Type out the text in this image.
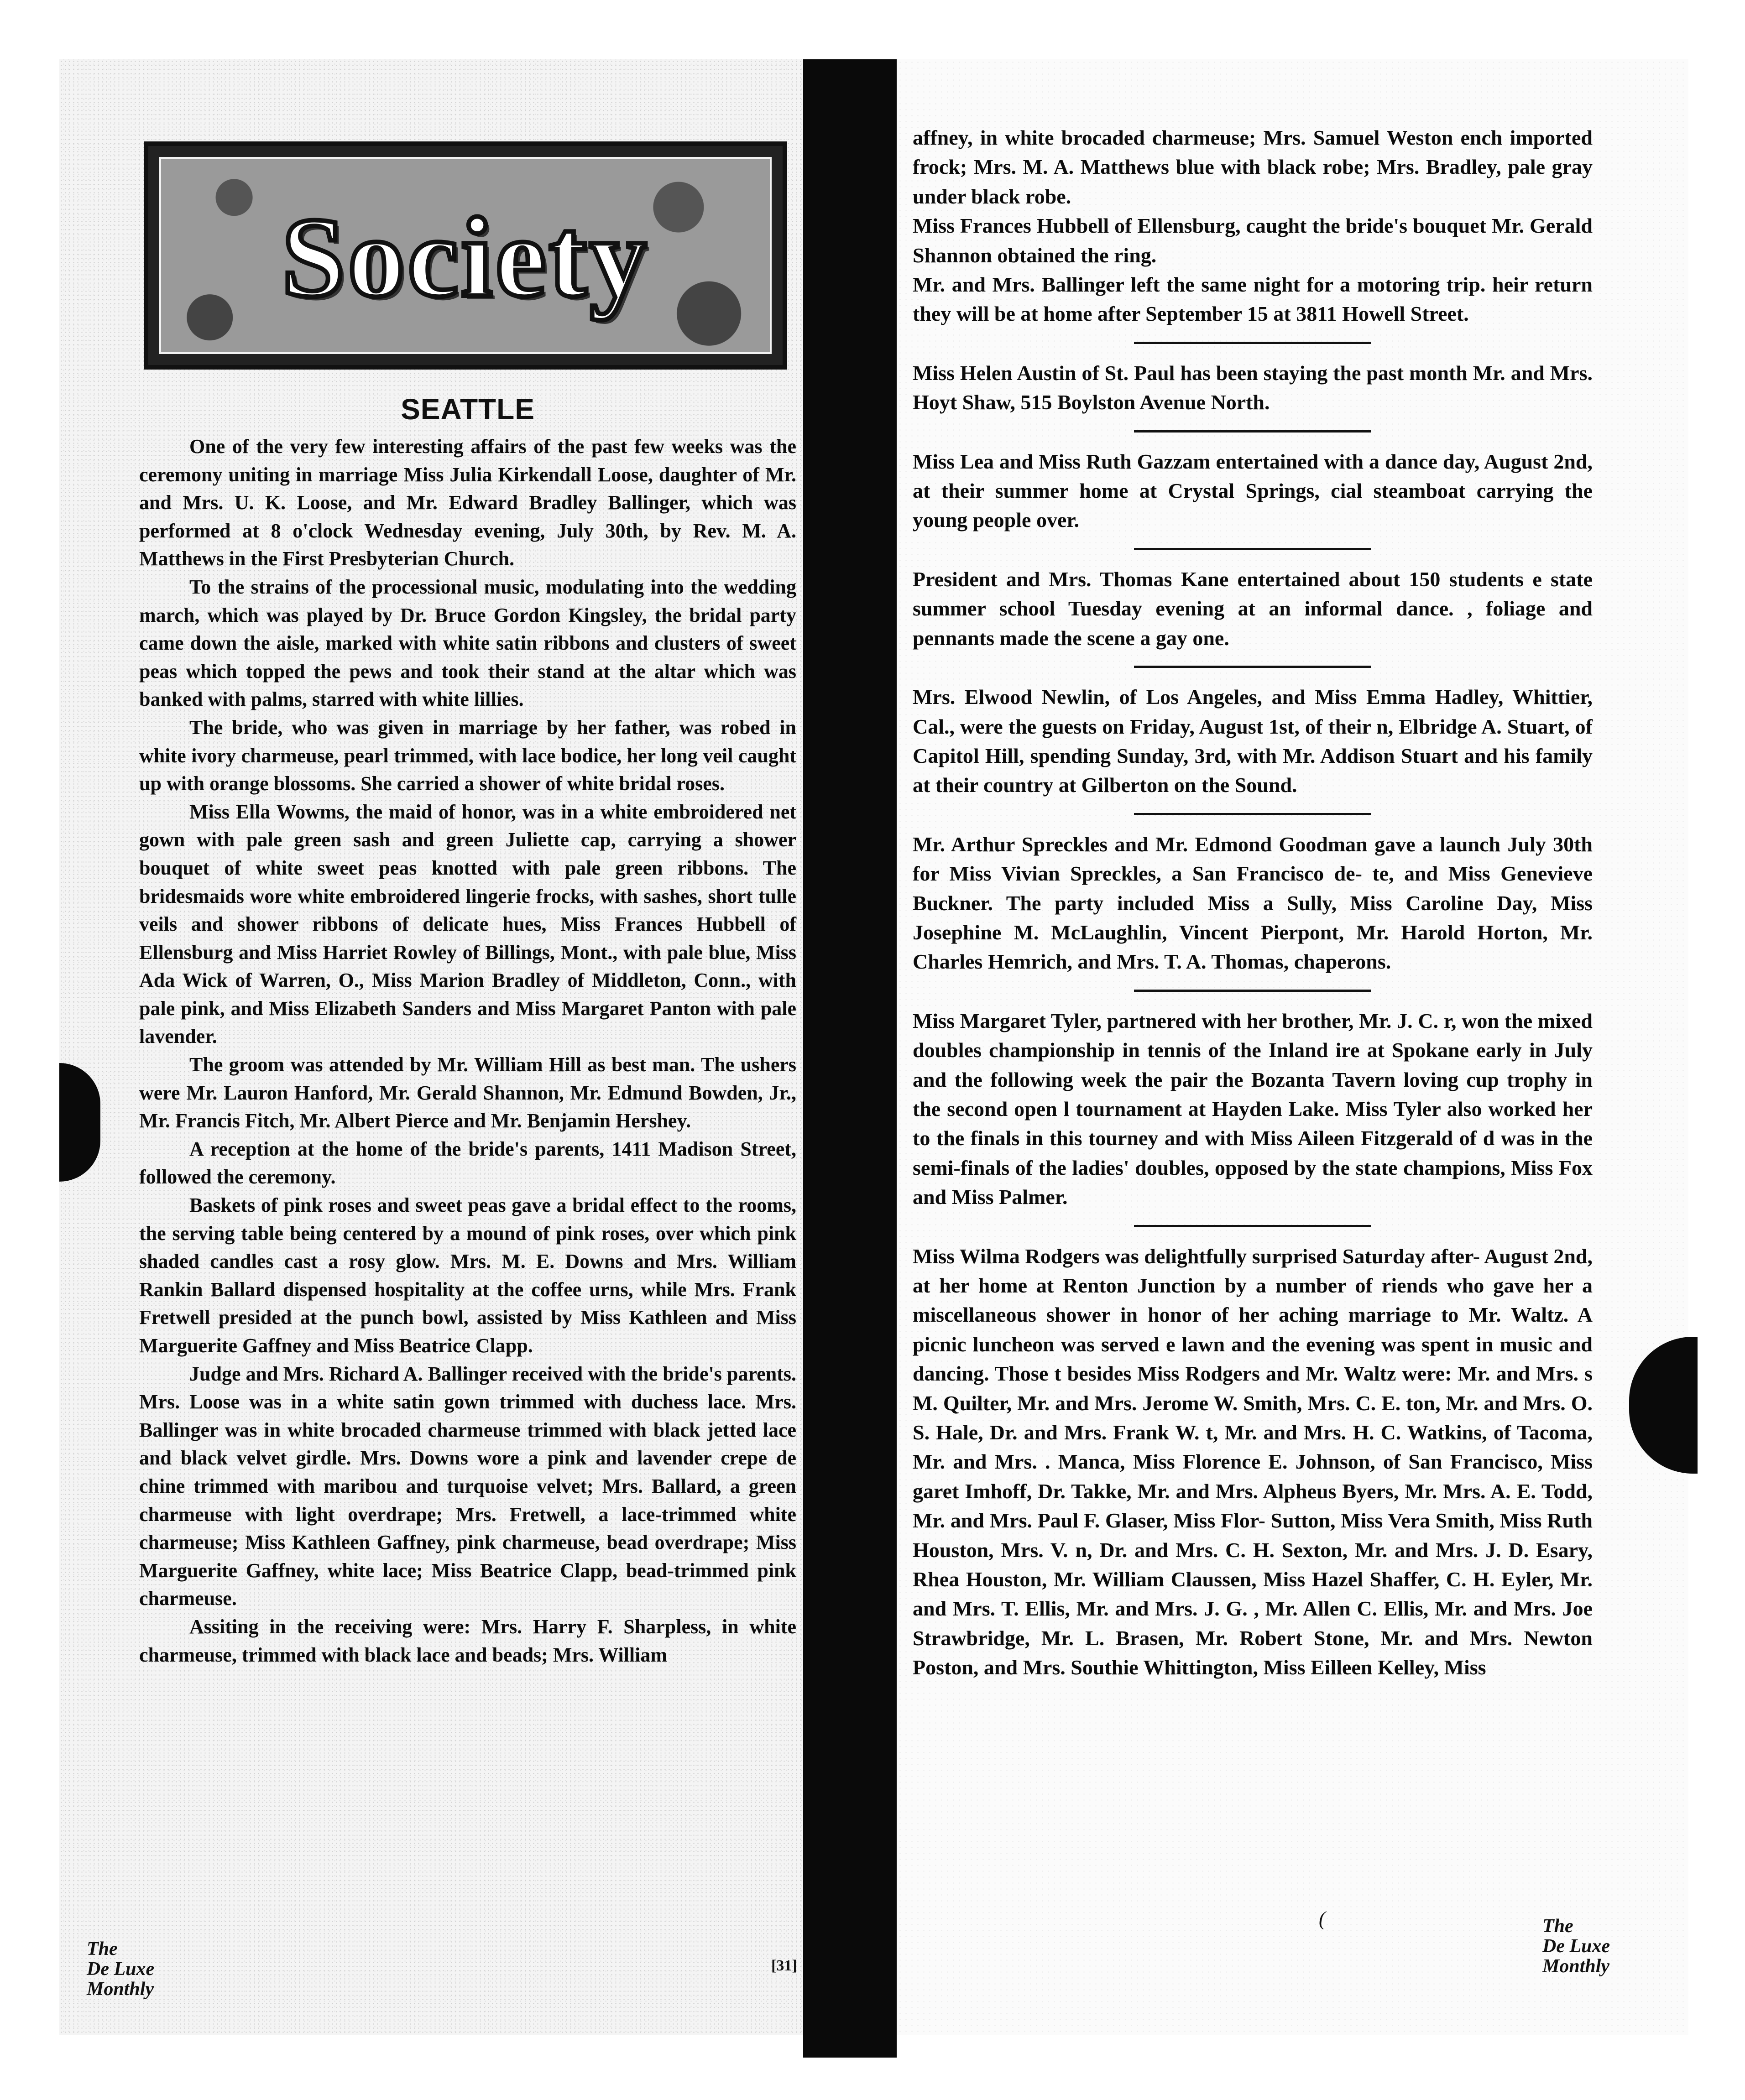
Society
SEATTLE

One of the very few interesting affairs of the past few weeks was the ceremony uniting in marriage Miss Julia Kirkendall Loose, daughter of Mr. and Mrs. U. K. Loose, and Mr. Edward Bradley Ballinger, which was performed at 8 o'clock Wednesday evening, July 30th, by Rev. M. A. Matthews in the First Presbyterian Church.

To the strains of the processional music, modulating into the wedding march, which was played by Dr. Bruce Gordon Kingsley, the bridal party came down the aisle, marked with white satin ribbons and clusters of sweet peas which topped the pews and took their stand at the altar which was banked with palms, starred with white lillies.

The bride, who was given in marriage by her father, was robed in white ivory charmeuse, pearl trimmed, with lace bodice, her long veil caught up with orange blossoms. She carried a shower of white bridal roses.

Miss Ella Wowms, the maid of honor, was in a white embroidered net gown with pale green sash and green Juliette cap, carrying a shower bouquet of white sweet peas knotted with pale green ribbons. The bridesmaids wore white embroidered lingerie frocks, with sashes, short tulle veils and shower ribbons of delicate hues, Miss Frances Hubbell of Ellensburg and Miss Harriet Rowley of Billings, Mont., with pale blue, Miss Ada Wick of Warren, O., Miss Marion Bradley of Middleton, Conn., with pale pink, and Miss Elizabeth Sanders and Miss Margaret Panton with pale lavender.

The groom was attended by Mr. William Hill as best man. The ushers were Mr. Lauron Hanford, Mr. Gerald Shannon, Mr. Edmund Bowden, Jr., Mr. Francis Fitch, Mr. Albert Pierce and Mr. Benjamin Hershey.

A reception at the home of the bride's parents, 1411 Madison Street, followed the ceremony.

Baskets of pink roses and sweet peas gave a bridal effect to the rooms, the serving table being centered by a mound of pink roses, over which pink shaded candles cast a rosy glow. Mrs. M. E. Downs and Mrs. William Rankin Ballard dispensed hospitality at the coffee urns, while Mrs. Frank Fretwell presided at the punch bowl, assisted by Miss Kathleen and Miss Marguerite Gaffney and Miss Beatrice Clapp.

Judge and Mrs. Richard A. Ballinger received with the bride's parents. Mrs. Loose was in a white satin gown trimmed with duchess lace. Mrs. Ballinger was in white brocaded charmeuse trimmed with black jetted lace and black velvet girdle. Mrs. Downs wore a pink and lavender crepe de chine trimmed with maribou and turquoise velvet; Mrs. Ballard, a green charmeuse with light overdrape; Mrs. Fretwell, a lace-trimmed white charmeuse; Miss Kathleen Gaffney, pink charmeuse, bead overdrape; Miss Marguerite Gaffney, white lace; Miss Beatrice Clapp, bead-trimmed pink charmeuse.

Assiting in the receiving were: Mrs. Harry F. Sharpless, in white charmeuse, trimmed with black lace and beads; Mrs. William

affney, in white brocaded charmeuse; Mrs. Samuel Weston ench imported frock; Mrs. M. A. Matthews blue with black robe; Mrs. Bradley, pale gray under black robe.

Miss Frances Hubbell of Ellensburg, caught the bride's bouquet Mr. Gerald Shannon obtained the ring.

Mr. and Mrs. Ballinger left the same night for a motoring trip. heir return they will be at home after September 15 at 3811 Howell Street.

Miss Helen Austin of St. Paul has been staying the past month Mr. and Mrs. Hoyt Shaw, 515 Boylston Avenue North.

Miss Lea and Miss Ruth Gazzam entertained with a dance day, August 2nd, at their summer home at Crystal Springs, cial steamboat carrying the young people over.

President and Mrs. Thomas Kane entertained about 150 students e state summer school Tuesday evening at an informal dance. , foliage and pennants made the scene a gay one.

Mrs. Elwood Newlin, of Los Angeles, and Miss Emma Hadley, Whittier, Cal., were the guests on Friday, August 1st, of their n, Elbridge A. Stuart, of Capitol Hill, spending Sunday, 3rd, with Mr. Addison Stuart and his family at their country at Gilberton on the Sound.

Mr. Arthur Spreckles and Mr. Edmond Goodman gave a launch July 30th for Miss Vivian Spreckles, a San Francisco de- te, and Miss Genevieve Buckner. The party included Miss a Sully, Miss Caroline Day, Miss Josephine M. McLaughlin, Vincent Pierpont, Mr. Harold Horton, Mr. Charles Hemrich, and Mrs. T. A. Thomas, chaperons.

Miss Margaret Tyler, partnered with her brother, Mr. J. C. r, won the mixed doubles championship in tennis of the Inland ire at Spokane early in July and the following week the pair the Bozanta Tavern loving cup trophy in the second open l tournament at Hayden Lake. Miss Tyler also worked her to the finals in this tourney and with Miss Aileen Fitzgerald of d was in the semi-finals of the ladies' doubles, opposed by the state champions, Miss Fox and Miss Palmer.

Miss Wilma Rodgers was delightfully surprised Saturday after- August 2nd, at her home at Renton Junction by a number of riends who gave her a miscellaneous shower in honor of her aching marriage to Mr. Waltz. A picnic luncheon was served e lawn and the evening was spent in music and dancing. Those t besides Miss Rodgers and Mr. Waltz were: Mr. and Mrs. s M. Quilter, Mr. and Mrs. Jerome W. Smith, Mrs. C. E. ton, Mr. and Mrs. O. S. Hale, Dr. and Mrs. Frank W. t, Mr. and Mrs. H. C. Watkins, of Tacoma, Mr. and Mrs. . Manca, Miss Florence E. Johnson, of San Francisco, Miss garet Imhoff, Dr. Takke, Mr. and Mrs. Alpheus Byers, Mr. Mrs. A. E. Todd, Mr. and Mrs. Paul F. Glaser, Miss Flor- Sutton, Miss Vera Smith, Miss Ruth Houston, Mrs. V. n, Dr. and Mrs. C. H. Sexton, Mr. and Mrs. J. D. Esary, Rhea Houston, Mr. William Claussen, Miss Hazel Shaffer, C. H. Eyler, Mr. and Mrs. T. Ellis, Mr. and Mrs. J. G. , Mr. Allen C. Ellis, Mr. and Mrs. Joe Strawbridge, Mr. L. Brasen, Mr. Robert Stone, Mr. and Mrs. Newton Poston, and Mrs. Southie Whittington, Miss Eilleen Kelley, Miss

The
De Luxe
Monthly
[31]
(	The
De Luxe
Monthly
